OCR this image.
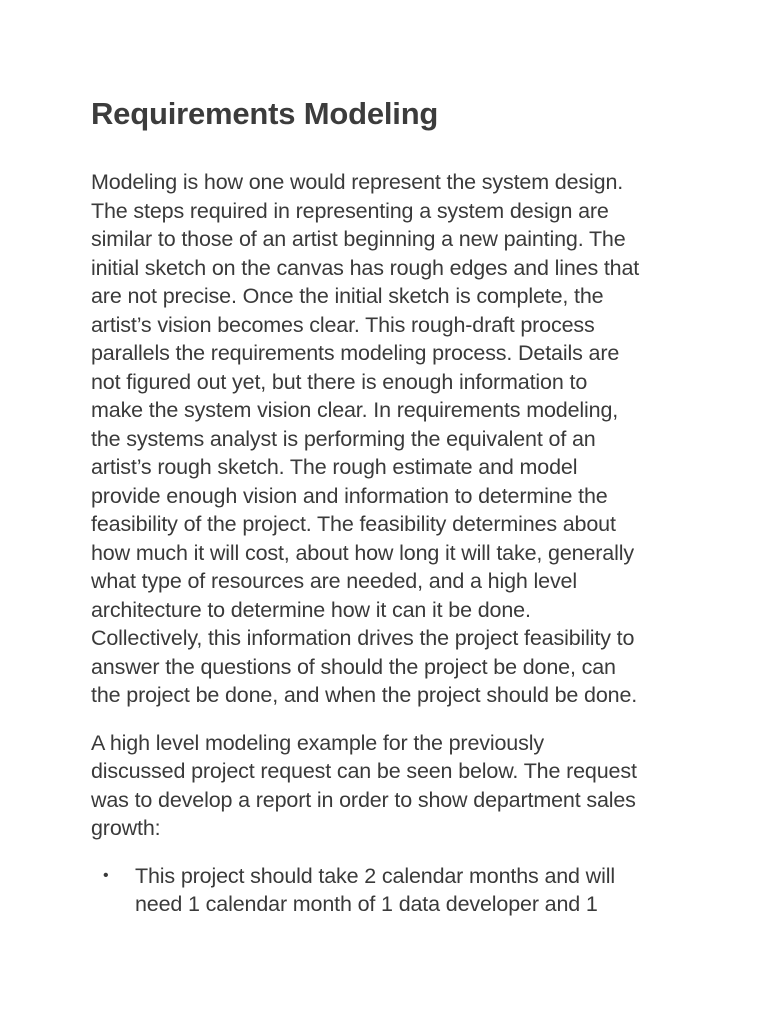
Requirements Modeling

Modeling is how one would represent the system design.
The steps required in representing a system design are
similar to those of an artist beginning a new painting. The
initial sketch on the canvas has rough edges and lines that
are not precise. Once the initial sketch is complete, the
artist’s vision becomes clear. This rough-draft process
parallels the requirements modeling process. Details are
not figured out yet, but there is enough information to
make the system vision clear. In requirements modeling,
the systems analyst is performing the equivalent of an
artist’s rough sketch. The rough estimate and model
provide enough vision and information to determine the
feasibility of the project. The feasibility determines about
how much it will cost, about how long it will take, generally
what type of resources are needed, and a high level
architecture to determine how it can it be done.
Collectively, this information drives the project feasibility to
answer the questions of should the project be done, can
the project be done, and when the project should be done.

A high level modeling example for the previously
discussed project request can be seen below. The request
was to develop a report in order to show department sales
growth:

• This project should take 2 calendar months and will
need 1 calendar month of 1 data developer and 1
